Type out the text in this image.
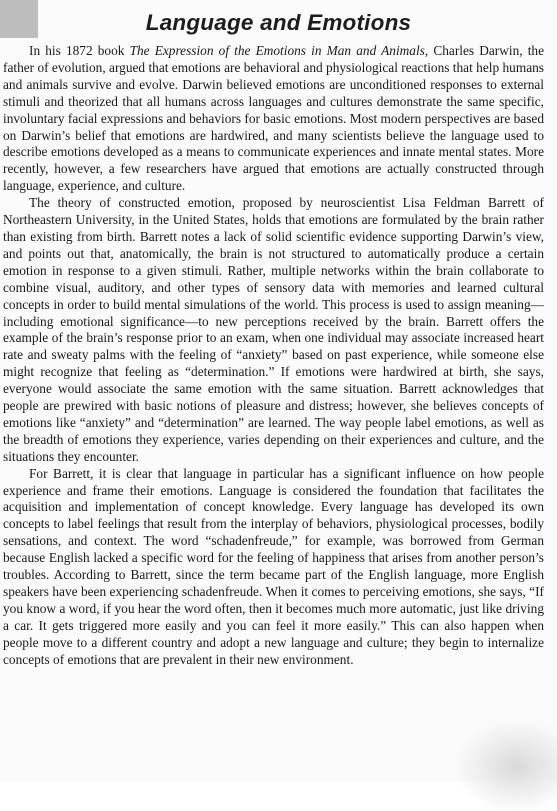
Language and Emotions

In his 1872 book The Expression of the Emotions in Man and Animals, Charles Darwin, the father of evolution, argued that emotions are behavioral and physiological reactions that help humans and animals survive and evolve. Darwin believed emotions are unconditioned responses to external stimuli and theorized that all humans across languages and cultures demonstrate the same specific, involuntary facial expressions and behaviors for basic emotions. Most modern perspectives are based on Darwin’s belief that emotions are hardwired, and many scientists believe the language used to describe emotions developed as a means to communicate experiences and innate mental states. More recently, however, a few researchers have argued that emotions are actually constructed through language, experience, and culture.

The theory of constructed emotion, proposed by neuroscientist Lisa Feldman Barrett of Northeastern University, in the United States, holds that emotions are formulated by the brain rather than existing from birth. Barrett notes a lack of solid scientific evidence supporting Darwin’s view, and points out that, anatomically, the brain is not structured to automatically produce a certain emotion in response to a given stimuli. Rather, multiple networks within the brain collaborate to combine visual, auditory, and other types of sensory data with memories and learned cultural concepts in order to build mental simulations of the world. This process is used to assign meaning—including emotional significance—to new perceptions received by the brain. Barrett offers the example of the brain’s response prior to an exam, when one individual may associate increased heart rate and sweaty palms with the feeling of “anxiety” based on past experience, while someone else might recognize that feeling as “determination.” If emotions were hardwired at birth, she says, everyone would associate the same emotion with the same situation. Barrett acknowledges that people are prewired with basic notions of pleasure and distress; however, she believes concepts of emotions like “anxiety” and “determination” are learned. The way people label emotions, as well as the breadth of emotions they experience, varies depending on their experiences and culture, and the situations they encounter.

For Barrett, it is clear that language in particular has a significant influence on how people experience and frame their emotions. Language is considered the foundation that facilitates the acquisition and implementation of concept knowledge. Every language has developed its own concepts to label feelings that result from the interplay of behaviors, physiological processes, bodily sensations, and context. The word “schadenfreude,” for example, was borrowed from German because English lacked a specific word for the feeling of happiness that arises from another person’s troubles. According to Barrett, since the term became part of the English language, more English speakers have been experiencing schadenfreude. When it comes to perceiving emotions, she says, “If you know a word, if you hear the word often, then it becomes much more automatic, just like driving a car. It gets triggered more easily and you can feel it more easily.” This can also happen when people move to a different country and adopt a new language and culture; they begin to internalize concepts of emotions that are prevalent in their new environment.
